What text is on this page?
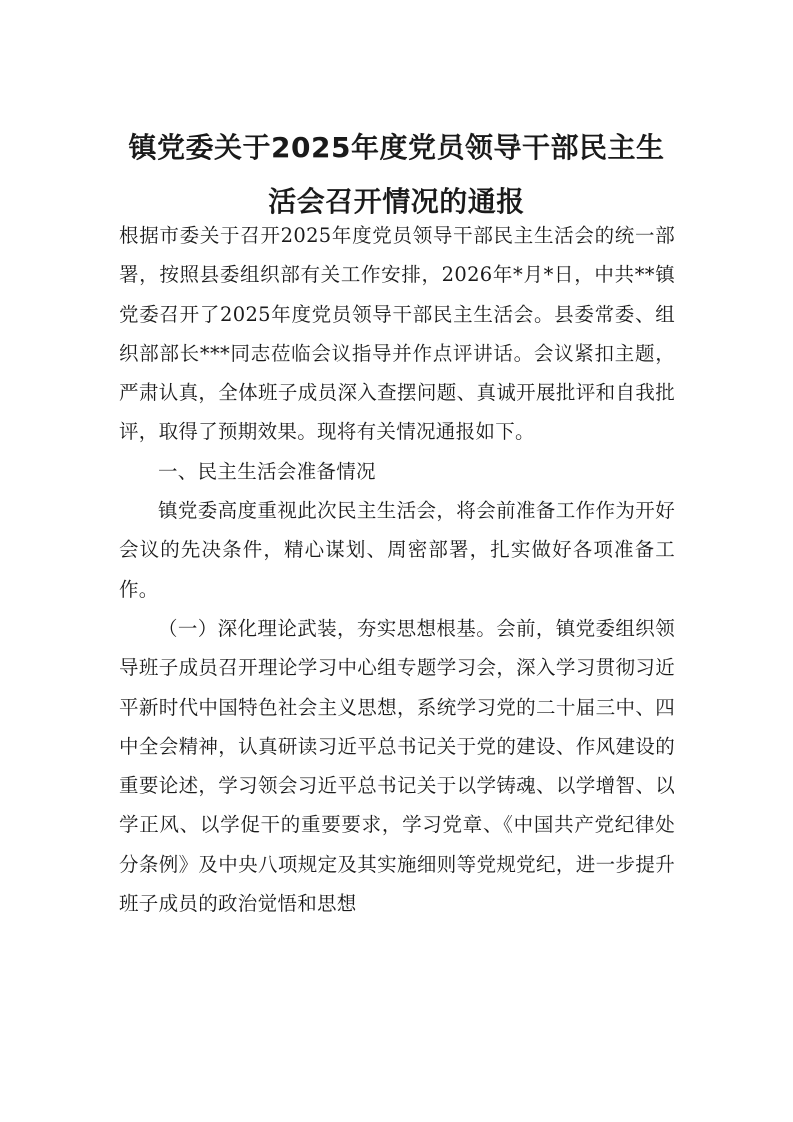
镇党委关于2025年度党员领导干部民主生
活会召开情况的通报

根据市委关于召开2025年度党员领导干部民主生活会的统一部署，按照县委组织部有关工作安排，2026年*月*日，中共**镇党委召开了2025年度党员领导干部民主生活会。县委常委、组织部部长***同志莅临会议指导并作点评讲话。会议紧扣主题，严肃认真，全体班子成员深入查摆问题、真诚开展批评和自我批评，取得了预期效果。现将有关情况通报如下。

一、民主生活会准备情况

镇党委高度重视此次民主生活会，将会前准备工作作为开好会议的先决条件，精心谋划、周密部署，扎实做好各项准备工作。

（一）深化理论武装，夯实思想根基。会前，镇党委组织领导班子成员召开理论学习中心组专题学习会，深入学习贯彻习近平新时代中国特色社会主义思想，系统学习党的二十届三中、四中全会精神，认真研读习近平总书记关于党的建设、作风建设的重要论述，学习领会习近平总书记关于以学铸魂、以学增智、以学正风、以学促干的重要要求，学习党章、《中国共产党纪律处分条例》及中央八项规定及其实施细则等党规党纪，进一步提升班子成员的政治觉悟和思想
